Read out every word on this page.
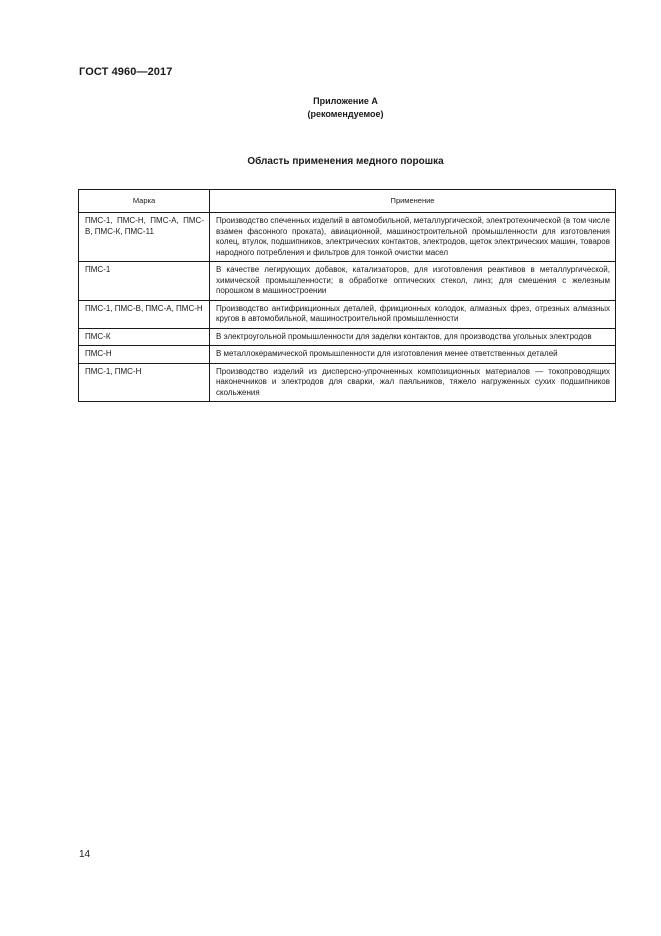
ГОСТ 4960—2017
Приложение А
(рекомендуемое)
Область применения медного порошка
Марка	Применение
ПМС-1, ПМС-Н, ПМС-А, ПМС-В, ПМС-К, ПМС-11	Производство спеченных изделий в автомобильной, металлургической, электротехнической (в том числе взамен фасонного проката), авиационной, машиностроительной промышленности для изготовления колец, втулок, подшипников, электрических контактов, электродов, щеток электрических машин, товаров народного потребления и фильтров для тонкой очистки масел
ПМС-1	В качестве легирующих добавок, катализаторов, для изготовления реактивов в металлургической, химической промышленности; в обработке оптических стекол, линз; для смешения с железным порошком в машиностроении
ПМС-1, ПМС-В, ПМС-А, ПМС-Н	Производство антифрикционных деталей, фрикционных колодок, алмазных фрез, отрезных алмазных кругов в автомобильной, машиностроительной промышленности
ПМС-К	В электроугольной промышленности для заделки контактов, для производства угольных электродов
ПМС-Н	В металлокерамической промышленности для изготовления менее ответственных деталей
ПМС-1, ПМС-Н	Производство изделий из дисперсно-упрочненных композиционных материалов — токопроводящих наконечников и электродов для сварки, жал паяльников, тяжело нагруженных сухих подшипников скольжения
14
